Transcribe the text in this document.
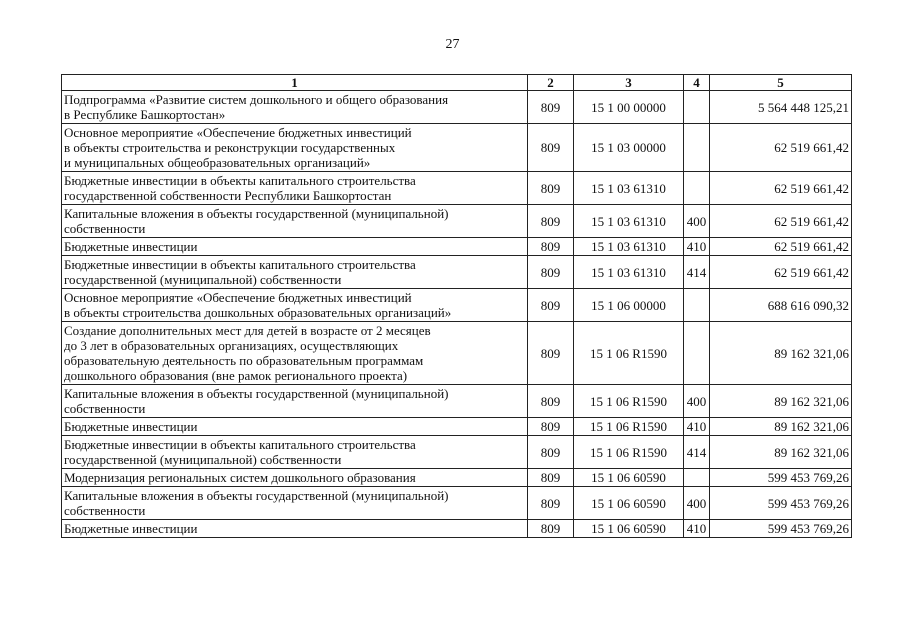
27
1	2	3	4	5
Подпрограмма «Развитие систем дошкольного и общего образования
в Республике Башкортостан»	809	15 1 00 00000		5 564 448 125,21
Основное мероприятие «Обеспечение бюджетных инвестиций
в объекты строительства и реконструкции государственных
и муниципальных общеобразовательных организаций»	809	15 1 03 00000		62 519 661,42
Бюджетные инвестиции в объекты капитального строительства
государственной собственности Республики Башкортостан	809	15 1 03 61310		62 519 661,42
Капитальные вложения в объекты государственной (муниципальной)
собственности	809	15 1 03 61310	400	62 519 661,42
Бюджетные инвестиции	809	15 1 03 61310	410	62 519 661,42
Бюджетные инвестиции в объекты капитального строительства
государственной (муниципальной) собственности	809	15 1 03 61310	414	62 519 661,42
Основное мероприятие «Обеспечение бюджетных инвестиций
в объекты строительства дошкольных образовательных организаций»	809	15 1 06 00000		688 616 090,32
Создание дополнительных мест для детей в возрасте от 2 месяцев
до 3 лет в образовательных организациях, осуществляющих
образовательную деятельность по образовательным программам
дошкольного образования (вне рамок регионального проекта)	809	15 1 06 R1590		89 162 321,06
Капитальные вложения в объекты государственной (муниципальной)
собственности	809	15 1 06 R1590	400	89 162 321,06
Бюджетные инвестиции	809	15 1 06 R1590	410	89 162 321,06
Бюджетные инвестиции в объекты капитального строительства
государственной (муниципальной) собственности	809	15 1 06 R1590	414	89 162 321,06
Модернизация региональных систем дошкольного образования	809	15 1 06 60590		599 453 769,26
Капитальные вложения в объекты государственной (муниципальной)
собственности	809	15 1 06 60590	400	599 453 769,26
Бюджетные инвестиции	809	15 1 06 60590	410	599 453 769,26
